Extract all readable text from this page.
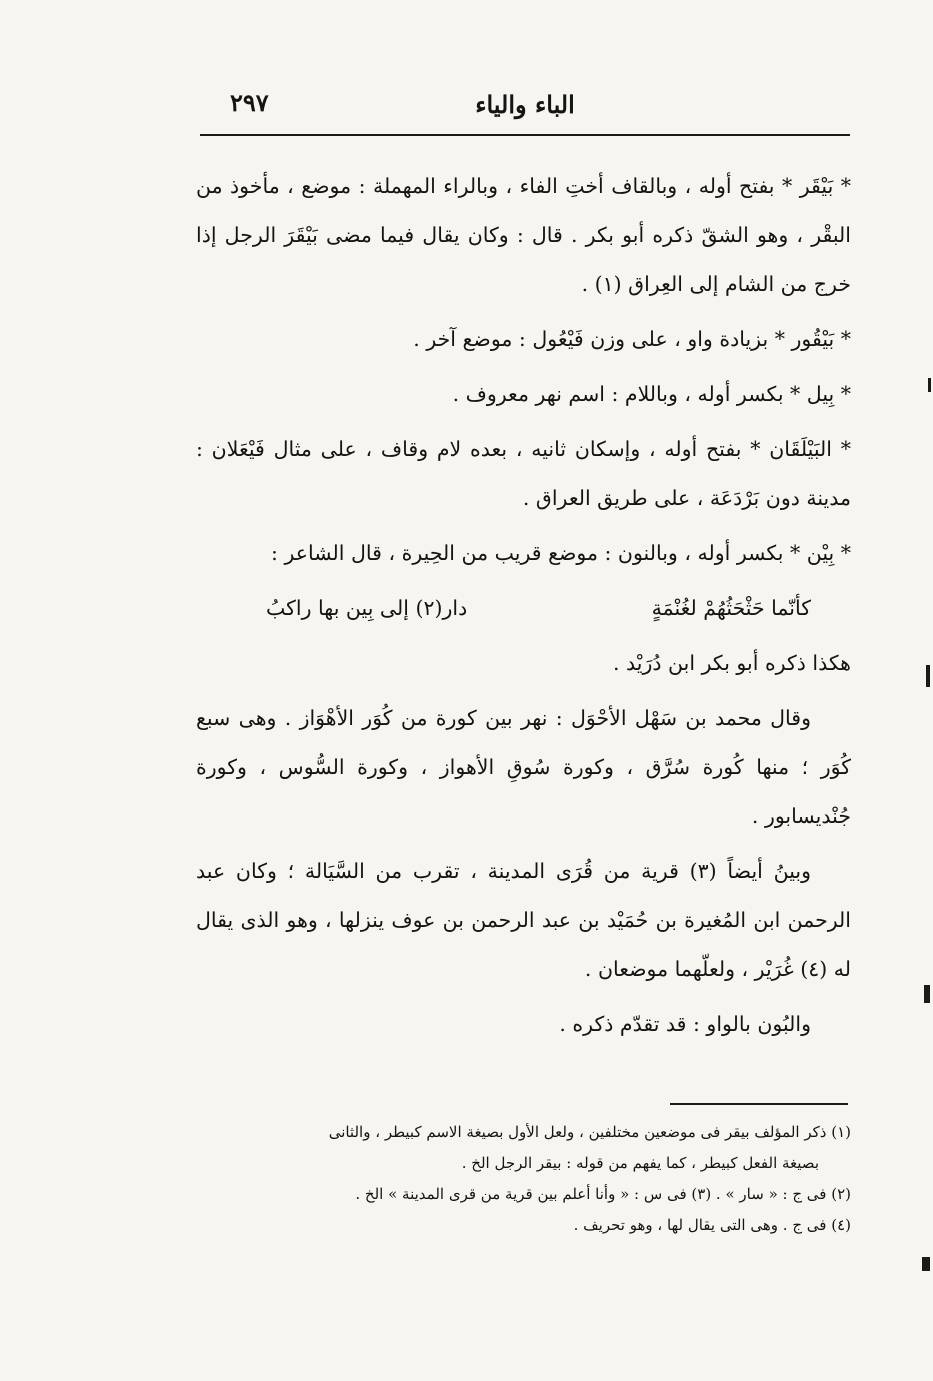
٢٩٧	الباء والياء

* بَيْقَر * بفتح أوله ، وبالقاف أختِ الفاء ، وبالراء المهملة : موضع ، مأخوذ من البقْر ، وهو الشقّ ذكره أبو بكر . قال : وكان يقال فيما مضى بَيْقَرَ الرجل إذا خرج من الشام إلى العِراق (١) .

* بَيْقُور * بزيادة واو ، على وزن فَيْعُول : موضع آخر .

* بِيل * بكسر أوله ، وباللام : اسم نهر معروف .

* البَيْلَقَان * بفتح أوله ، وإسكان ثانيه ، بعده لام وقاف ، على مثال فَيْعَلان : مدينة دون بَرْدَعَة ، على طريق العراق .

* بِيْن * بكسر أوله ، وبالنون : موضع قريب من الحِيرة ، قال الشاعر :

كأنّما حَثْحَثُهُمْ لغُنْمَةٍ
دار(٢) إلى بِين بها راكبُ

هكذا ذكره أبو بكر ابن دُرَيْد .

وقال محمد بن سَهْل الأحْوَل : نهر بين كورة من كُوَر الأهْوَاز . وهى سبع كُوَر ؛ منها كُورة سُرَّق ، وكورة سُوقِ الأهواز ، وكورة السُّوس ، وكورة جُنْديسابور .

وبينُ أيضاً (٣) قرية من قُرَى المدينة ، تقرب من السَّيَالة ؛ وكان عبد الرحمن ابن المُغيرة بن حُمَيْد بن عبد الرحمن بن عوف ينزلها ، وهو الذى يقال له (٤) غُرَيْر ، ولعلّهما موضعان .

والبُون بالواو : قد تقدّم ذكره .

(١) ذكر المؤلف بيقر فى موضعين مختلفين ، ولعل الأول بصيغة الاسم كبيطر ، والثانى

بصيغة الفعل كبيطر ، كما يفهم من قوله : بيقر الرجل الخ .

(٢) فى ج : « سار » . (٣) فى س : « وأنا أعلم بين قرية من قرى المدينة » الخ .

(٤) فى ج . وهى التى يقال لها ، وهو تحريف .
